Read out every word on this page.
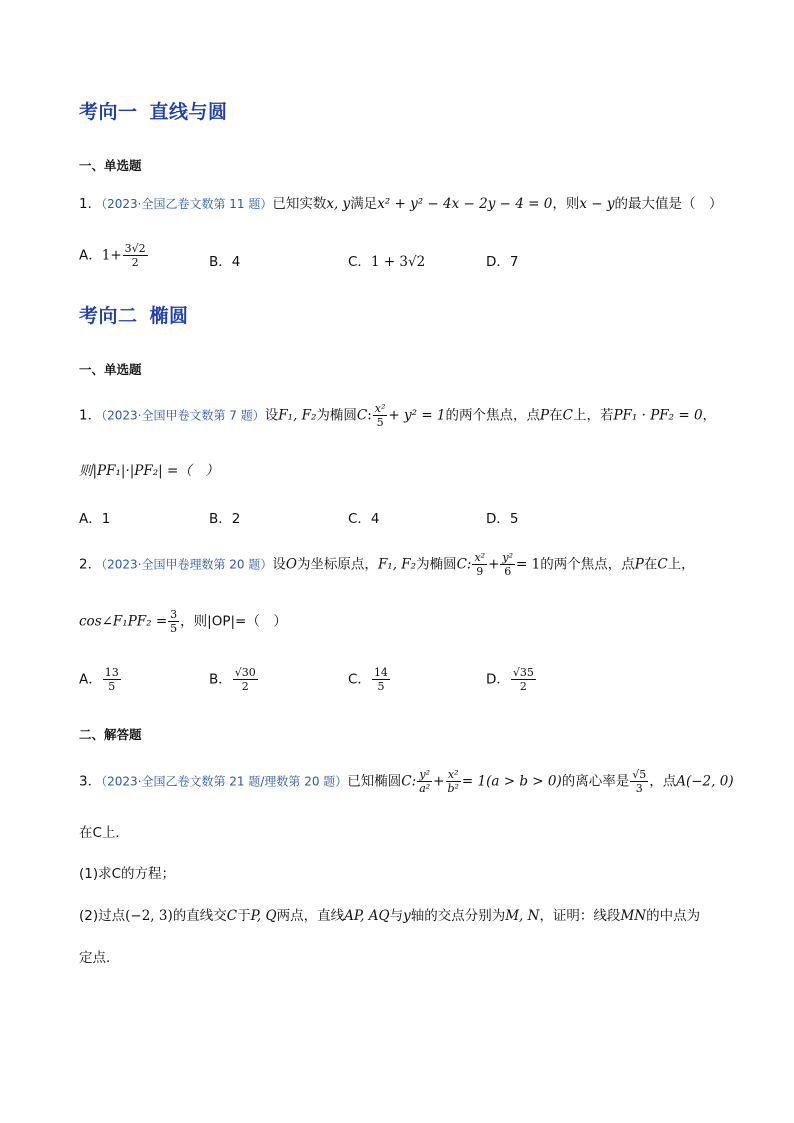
考向一 直线与圆
一、单选题
1．（2023·全国乙卷文数第 11 题）已知实数x, y满足x² + y² − 4x − 2y − 4 = 0，则x − y的最大值是（　）
A．$1+ \frac{3√2}{2}$	B．4	C．1 + 3√2	D．7
考向二 椭圆
一、单选题
1．（2023·全国甲卷文数第 7 题）设F₁, F₂为椭圆C: $\frac{\text{x²}}{5} + y^2 = 1$的两个焦点，点P在C上，若PF₁ · PF₂ = 0，
则|PF₁|·|PF₂| =（　）
A．1	B．2	C．4	D．5
2．（2023·全国甲卷理数第 20 题）设O为坐标原点，F₁, F₂为椭圆C: $\frac{\text{x²}}{9} + \frac{\text{y²}}{6} = 1$的两个焦点，点P在C上，
cos∠F₁PF₂ = $\frac{3}{5}$ ，则|OP|=（　）
A． $\frac{13}{5}$	B． $\frac{√30}{2}$	C． $\frac{14}{5}$	D． $\frac{√35}{2}$
二、解答题
3．（2023·全国乙卷文数第 21 题/理数第 20 题）已知椭圆C: $\frac{\text{y²}}{\text{a²}} + \frac{\text{x²}}{\text{b²}} = 1(a > b > 0)$的离心率是 $\frac{√5}{3}$ ，点A(−2, 0)
在C上．
(1)求C的方程；
(2)过点(−2, 3)的直线交C于P, Q两点，直线AP, AQ与y轴的交点分别为M, N，证明：线段MN的中点为
定点．
